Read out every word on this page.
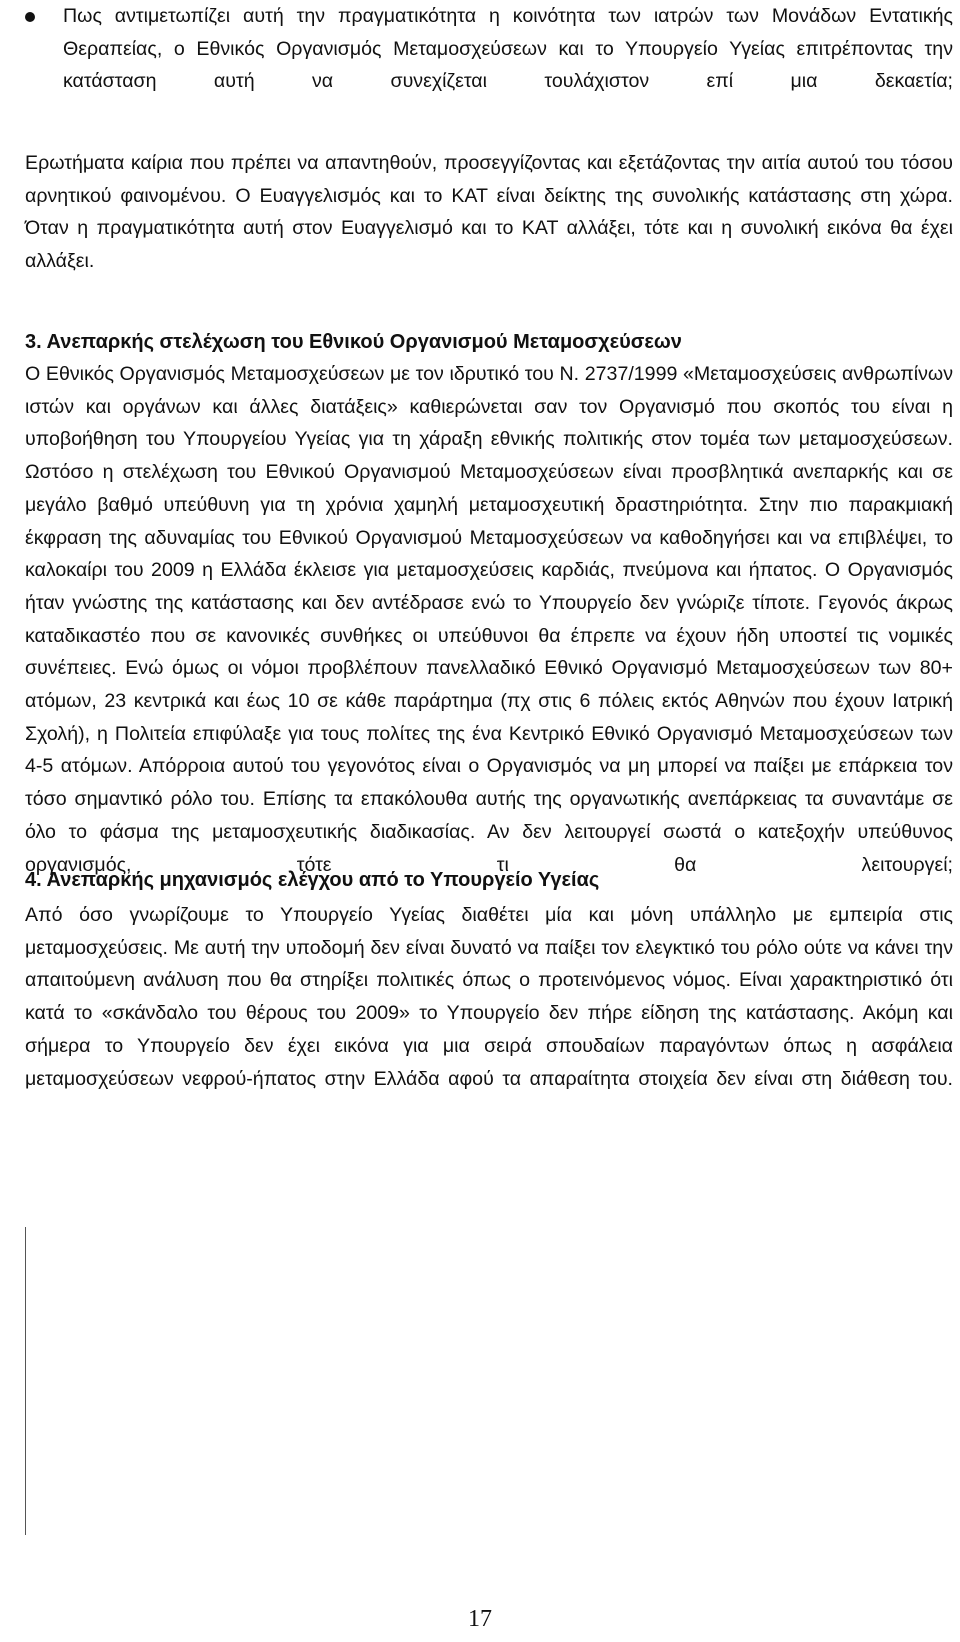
Πως αντιμετωπίζει αυτή την πραγματικότητα η κοινότητα των ιατρών των Μονάδων Εντατικής Θεραπείας, ο Εθνικός Οργανισμός Μεταμοσχεύσεων και το Υπουργείο Υγείας επιτρέποντας την κατάσταση αυτή να συνεχίζεται τουλάχιστον επί μια δεκαετία;
Ερωτήματα καίρια που πρέπει να απαντηθούν, προσεγγίζοντας και εξετάζοντας την αιτία αυτού του τόσου αρνητικού φαινομένου. Ο Ευαγγελισμός και το ΚΑΤ είναι δείκτης της συνολικής κατάστασης στη χώρα. Όταν η πραγματικότητα αυτή στον Ευαγγελισμό και το ΚΑΤ αλλάξει, τότε και η συνολική εικόνα θα έχει αλλάξει.
3. Ανεπαρκής στελέχωση του Εθνικού Οργανισμού Μεταμοσχεύσεων
Ο Εθνικός Οργανισμός Μεταμοσχεύσεων με τον ιδρυτικό του Ν. 2737/1999 «Μεταμοσχεύσεις ανθρωπίνων ιστών και οργάνων και άλλες διατάξεις» καθιερώνεται σαν τον Οργανισμό που σκοπός του είναι η υποβοήθηση του Υπουργείου Υγείας για τη χάραξη εθνικής πολιτικής στον τομέα των μεταμοσχεύσεων. Ωστόσο η στελέχωση του Εθνικού Οργανισμού Μεταμοσχεύσεων είναι προσβλητικά ανεπαρκής και σε μεγάλο βαθμό υπεύθυνη για τη χρόνια χαμηλή μεταμοσχευτική δραστηριότητα. Στην πιο παρακμιακή έκφραση της αδυναμίας του Εθνικού Οργανισμού Μεταμοσχεύσεων να καθοδηγήσει και να επιβλέψει, το καλοκαίρι του 2009 η Ελλάδα έκλεισε για μεταμοσχεύσεις καρδιάς, πνεύμονα και ήπατος. Ο Οργανισμός ήταν γνώστης της κατάστασης και δεν αντέδρασε ενώ το Υπουργείο δεν γνώριζε τίποτε. Γεγονός άκρως καταδικαστέο που σε κανονικές συνθήκες οι υπεύθυνοι θα έπρεπε να έχουν ήδη υποστεί τις νομικές συνέπειες. Ενώ όμως οι νόμοι προβλέπουν πανελλαδικό Εθνικό Οργανισμό Μεταμοσχεύσεων των 80+ ατόμων, 23 κεντρικά και έως 10 σε κάθε παράρτημα (πχ στις 6 πόλεις εκτός Αθηνών που έχουν Ιατρική Σχολή), η Πολιτεία επιφύλαξε για τους πολίτες της ένα Κεντρικό Εθνικό Οργανισμό Μεταμοσχεύσεων των 4-5 ατόμων. Απόρροια αυτού του γεγονότος είναι ο Οργανισμός να μη μπορεί να παίξει με επάρκεια τον τόσο σημαντικό ρόλο του. Επίσης τα επακόλουθα αυτής της οργανωτικής ανεπάρκειας τα συναντάμε σε όλο το φάσμα της μεταμοσχευτικής διαδικασίας. Αν δεν λειτουργεί σωστά ο κατεξοχήν υπεύθυνος οργανισμός, τότε τι θα λειτουργεί;
4. Ανεπαρκής μηχανισμός ελέγχου από το Υπουργείο Υγείας
Από όσο γνωρίζουμε το Υπουργείο Υγείας διαθέτει μία και μόνη υπάλληλο με εμπειρία στις μεταμοσχεύσεις. Με αυτή την υποδομή δεν είναι δυνατό να παίξει τον ελεγκτικό του ρόλο ούτε να κάνει την απαιτούμενη ανάλυση που θα στηρίξει πολιτικές όπως ο προτεινόμενος νόμος. Είναι χαρακτηριστικό ότι κατά το «σκάνδαλο του θέρους του 2009» το Υπουργείο δεν πήρε είδηση της κατάστασης. Ακόμη και σήμερα το Υπουργείο δεν έχει εικόνα για μια σειρά σπουδαίων παραγόντων όπως η ασφάλεια μεταμοσχεύσεων νεφρού-ήπατος στην Ελλάδα αφού τα απαραίτητα στοιχεία δεν είναι στη διάθεση του.
17
